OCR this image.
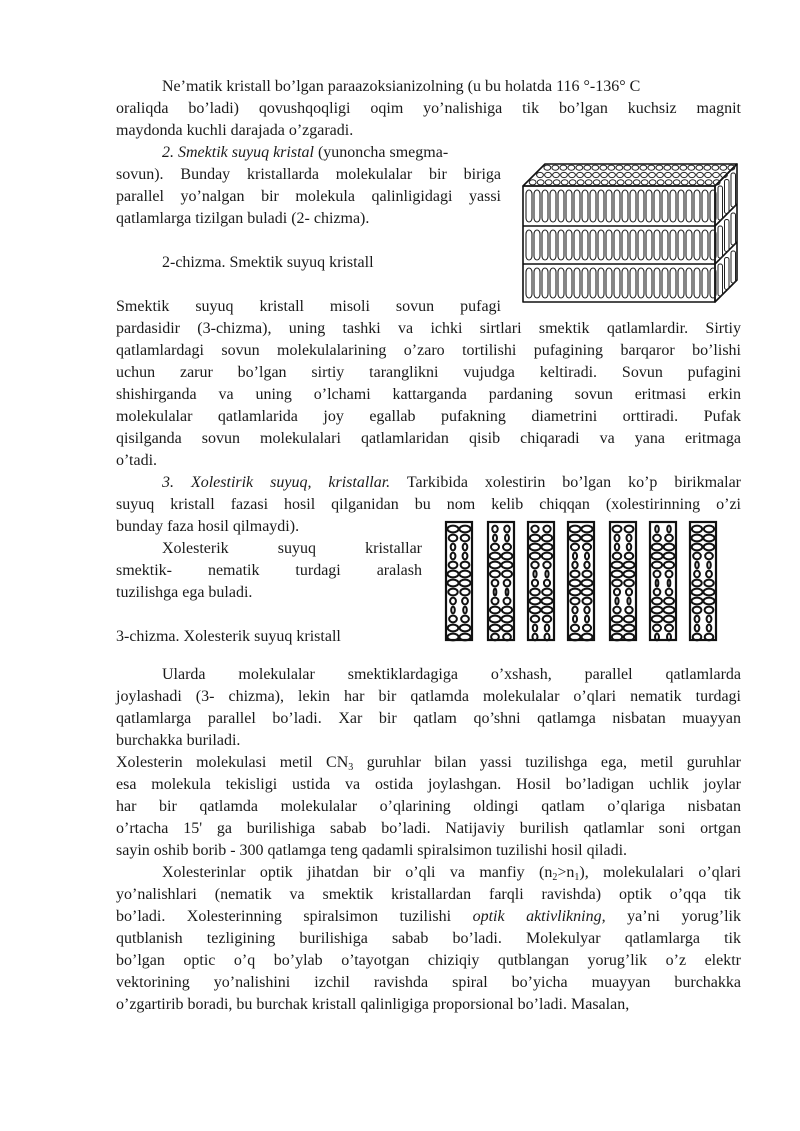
Ne’matik kristall bo’lgan paraazoksianizolning (u bu holatda 116 °-136° C
oraliqda bo’ladi) qovushqoqligi oqim yo’nalishiga tik bo’lgan kuchsiz magnit
maydonda kuchli darajada o’zgaradi.
2. Smektik suyuq kristal (yunoncha smegma-
sovun). Bunday kristallarda molekulalar bir biriga
parallel yo’nalgan bir molekula qalinligidagi yassi
qatlamlarga tizilgan buladi (2- chizma).
2-chizma. Smektik suyuq kristall
Smektik suyuq kristall misoli sovun pufagi
pardasidir (3-chizma), uning tashki va ichki sirtlari smektik qatlamlardir. Sirtiy
qatlamlardagi sovun molekulalarining o’zaro tortilishi pufagining barqaror bo’lishi
uchun zarur bo’lgan sirtiy taranglikni vujudga keltiradi. Sovun pufagini
shishirganda va uning o’lchami kattarganda pardaning sovun eritmasi erkin
molekulalar qatlamlarida joy egallab pufakning diametrini orttiradi. Pufak
qisilganda sovun molekulalari qatlamlaridan qisib chiqaradi va yana eritmaga
o’tadi.
3. Xolestirik suyuq, kristallar. Tarkibida xolestirin bo’lgan ko’p birikmalar
suyuq kristall fazasi hosil qilganidan bu nom kelib chiqqan (xolestirinning o’zi
bunday faza hosil qilmaydi).
Xolesterik suyuq kristallar
smektik- nematik turdagi aralash
tuzilishga ega buladi.
3-chizma. Xolesterik suyuq kristall
Ularda molekulalar smektiklardagiga o’xshash, parallel qatlamlarda
joylashadi (3- chizma), lekin har bir qatlamda molekulalar o’qlari nematik turdagi
qatlamlarga parallel bo’ladi. Xar bir qatlam qo’shni qatlamga nisbatan muayyan
burchakka buriladi.
Xolesterin molekulasi metil $CN_3$ guruhlar bilan yassi tuzilishga ega, metil guruhlar
esa molekula tekisligi ustida va ostida joylashgan. Hosil bo’ladigan uchlik joylar
har bir qatlamda molekulalar o’qlarining oldingi qatlam o’qlariga nisbatan
o’rtacha 15' ga burilishiga sabab bo’ladi. Natijaviy burilish qatlamlar soni ortgan
sayin oshib borib - 300 qatlamga teng qadamli spiralsimon tuzilishi hosil qiladi.
Xolesterinlar optik jihatdan bir o’qli va manfiy $(n_2>n_1)$, molekulalari o’qlari
yo’nalishlari (nematik va smektik kristallardan farqli ravishda) optik o’qqa tik
bo’ladi. Xolesterinning spiralsimon tuzilishi optik aktivlikning, ya’ni yorug’lik
qutblanish tezligining burilishiga sabab bo’ladi. Molekulyar qatlamlarga tik
bo’lgan optic o’q bo’ylab o’tayotgan chiziqiy qutblangan yorug’lik o’z elektr
vektorining yo’nalishini izchil ravishda spiral bo’yicha muayyan burchakka
o’zgartirib boradi, bu burchak kristall qalinligiga proporsional bo’ladi. Masalan,
